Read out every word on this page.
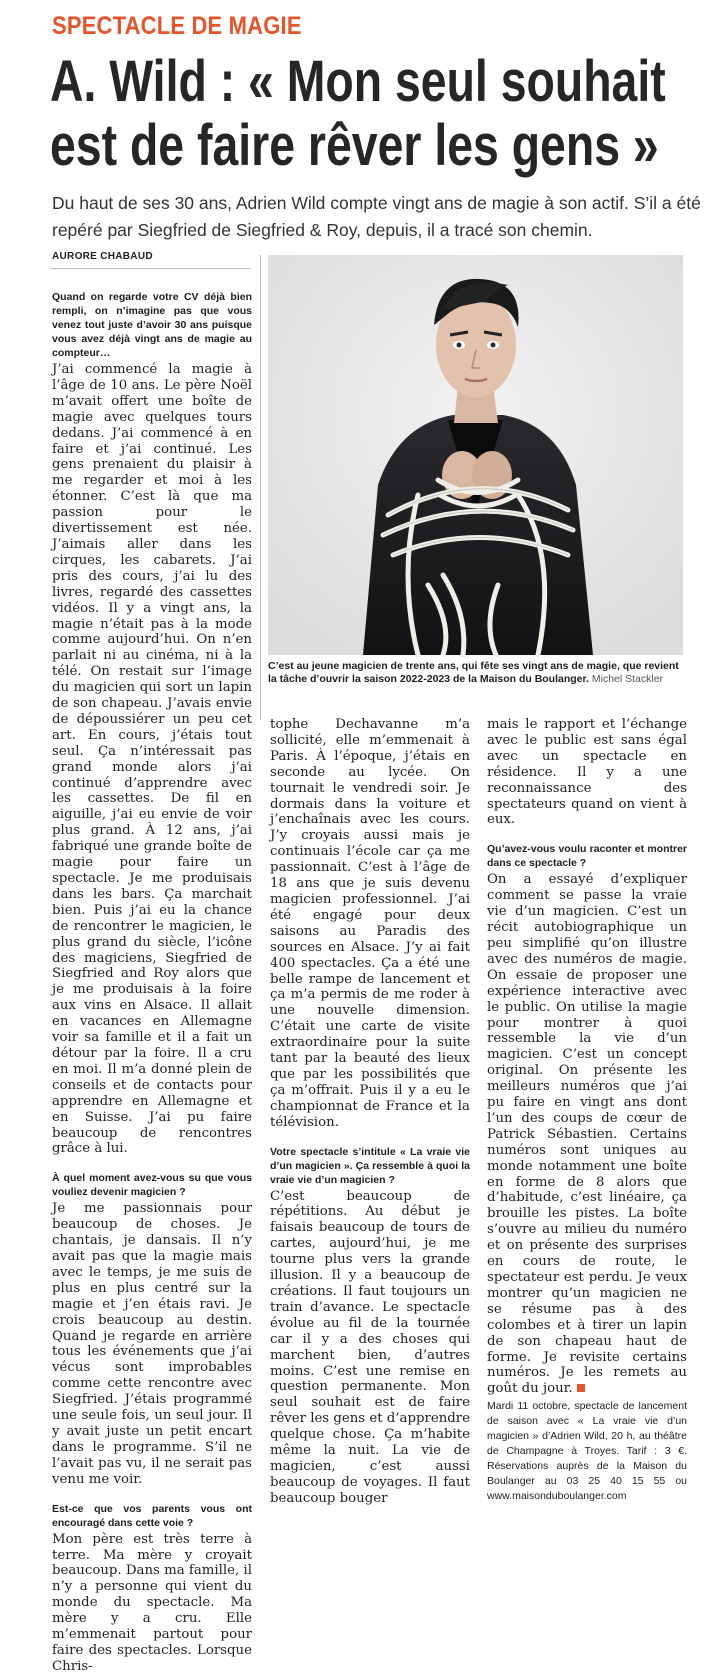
SPECTACLE DE MAGIE
A. Wild : « Mon seul souhait
est de faire rêver les gens »
Du haut de ses 30 ans, Adrien Wild compte vingt ans de magie à son actif. S’il a été
repéré par Siegfried de Siegfried & Roy, depuis, il a tracé son chemin.
AURORE CHABAUD
C’est au jeune magicien de trente ans, qui fête ses vingt ans de magie, que revient la tâche d’ouvrir la saison 2022-2023 de la Maison du Boulanger. Michel Stackler
Quand on regarde votre CV déjà bien rempli, on n’imagine pas que vous venez tout juste d’avoir 30 ans puisque vous avez déjà vingt ans de magie au compteur…

J’ai commencé la magie à l’âge de 10 ans. Le père Noël m’avait offert une boîte de magie avec quelques tours dedans. J’ai commencé à en faire et j’ai continué. Les gens prenaient du plaisir à me regarder et moi à les étonner. C’est là que ma passion pour le divertissement est née. J’aimais aller dans les cirques, les cabarets. J’ai pris des cours, j’ai lu des livres, regardé des cassettes vidéos. Il y a vingt ans, la magie n’était pas à la mode comme aujourd’hui. On n’en parlait ni au cinéma, ni à la télé. On restait sur l’image du magicien qui sort un lapin de son chapeau. J’avais envie de dépoussiérer un peu cet art. En cours, j’étais tout seul. Ça n’intéressait pas grand monde alors j’ai continué d’apprendre avec les cassettes. De fil en aiguille, j’ai eu envie de voir plus grand. À 12 ans, j’ai fabriqué une grande boîte de magie pour faire un spectacle. Je me produisais dans les bars. Ça marchait bien. Puis j’ai eu la chance de rencontrer le magicien, le plus grand du siècle, l’icône des magiciens, Siegfried de Siegfried and Roy alors que je me produisais à la foire aux vins en Alsace. Il allait en vacances en Allemagne voir sa famille et il a fait un détour par la foire. Il a cru en moi. Il m’a donné plein de conseils et de contacts pour apprendre en Allemagne et en Suisse. J’ai pu faire beaucoup de rencontres grâce à lui.

À quel moment avez-vous su que vous vouliez devenir magicien ?

Je me passionnais pour beaucoup de choses. Je chantais, je dansais. Il n’y avait pas que la magie mais avec le temps, je me suis de plus en plus centré sur la magie et j’en étais ravi. Je crois beaucoup au destin. Quand je regarde en arrière tous les événements que j’ai vécus sont improbables comme cette rencontre avec Siegfried. J’étais programmé une seule fois, un seul jour. Il y avait juste un petit encart dans le programme. S’il ne l’avait pas vu, il ne serait pas venu me voir.

Est-ce que vos parents vous ont encouragé dans cette voie ?

Mon père est très terre à terre. Ma mère y croyait beaucoup. Dans ma famille, il n’y a personne qui vient du monde du spectacle. Ma mère y a cru. Elle m’emmenait partout pour faire des spectacles. Lorsque Chris-

tophe Dechavanne m’a sollicité, elle m’emmenait à Paris. À l’époque, j’étais en seconde au lycée. On tournait le vendredi soir. Je dormais dans la voiture et j’enchaînais avec les cours. J’y croyais aussi mais je continuais l’école car ça me passionnait. C’est à l’âge de 18 ans que je suis devenu magicien professionnel. J’ai été engagé pour deux saisons au Paradis des sources en Alsace. J’y ai fait 400 spectacles. Ça a été une belle rampe de lancement et ça m’a permis de me roder à une nouvelle dimension. C’était une carte de visite extraordinaire pour la suite tant par la beauté des lieux que par les possibilités que ça m’offrait. Puis il y a eu le championnat de France et la télévision.

Votre spectacle s’intitule « La vraie vie d’un magicien ». Ça ressemble à quoi la vraie vie d’un magicien ?

C’est beaucoup de répétitions. Au début je faisais beaucoup de tours de cartes, aujourd’hui, je me tourne plus vers la grande illusion. Il y a beaucoup de créations. Il faut toujours un train d’avance. Le spectacle évolue au fil de la tournée car il y a des choses qui marchent bien, d’autres moins. C’est une remise en question permanente. Mon seul souhait est de faire rêver les gens et d’apprendre quelque chose. Ça m’habite même la nuit. La vie de magicien, c’est aussi beaucoup de voyages. Il faut beaucoup bouger

mais le rapport et l’échange avec le public est sans égal avec un spectacle en résidence. Il y a une reconnaissance des spectateurs quand on vient à eux.

Qu’avez-vous voulu raconter et montrer dans ce spectacle ?

On a essayé d’expliquer comment se passe la vraie vie d’un magicien. C’est un récit autobiographique un peu simplifié qu’on illustre avec des numéros de magie. On essaie de proposer une expérience interactive avec le public. On utilise la magie pour montrer à quoi ressemble la vie d’un magicien. C’est un concept original. On présente les meilleurs numéros que j’ai pu faire en vingt ans dont l’un des coups de cœur de Patrick Sébastien. Certains numéros sont uniques au monde notamment une boîte en forme de 8 alors que d’habitude, c’est linéaire, ça brouille les pistes. La boîte s’ouvre au milieu du numéro et on présente des surprises en cours de route, le spectateur est perdu. Je veux montrer qu’un magicien ne se résume pas à des colombes et à tirer un lapin de son chapeau haut de forme. Je revisite certains numéros. Je les remets au goût du jour.

Mardi 11 octobre, spectacle de lancement de saison avec « La vraie vie d’un magicien » d’Adrien Wild, 20 h, au théâtre de Champagne à Troyes. Tarif : 3 €. Réservations auprès de la Maison du Boulanger au 03 25 40 15 55 ou www.maisonduboulanger.com
